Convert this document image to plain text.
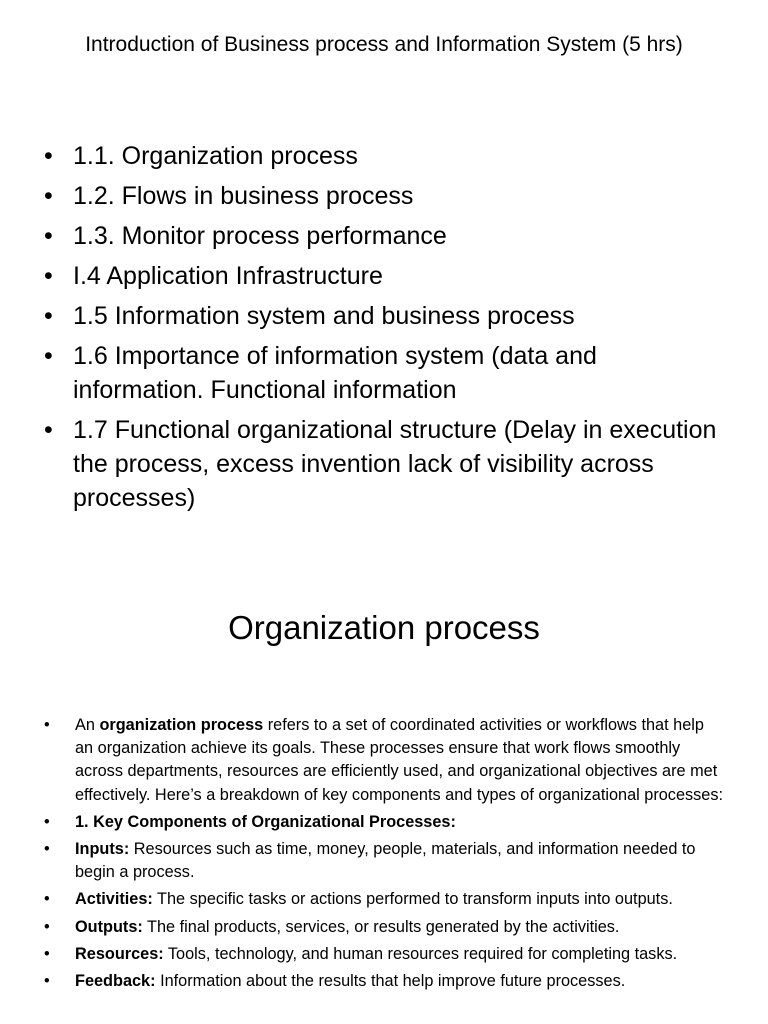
Introduction of Business process and Information System (5 hrs)
• 1.1. Organization process
• 1.2. Flows in business process
• 1.3. Monitor process performance
• I.4 Application Infrastructure
• 1.5 Information system and business process
• 1.6 Importance of information system (data and information. Functional information
• 1.7 Functional organizational structure (Delay in execution the process, excess invention lack of visibility across processes)
Organization process
• An organization process refers to a set of coordinated activities or workflows that help an organization achieve its goals. These processes ensure that work flows smoothly across departments, resources are efficiently used, and organizational objectives are met effectively. Here’s a breakdown of key components and types of organizational processes:
• 1. Key Components of Organizational Processes:
• Inputs: Resources such as time, money, people, materials, and information needed to begin a process.
• Activities: The specific tasks or actions performed to transform inputs into outputs.
• Outputs: The final products, services, or results generated by the activities.
• Resources: Tools, technology, and human resources required for completing tasks.
• Feedback: Information about the results that help improve future processes.
